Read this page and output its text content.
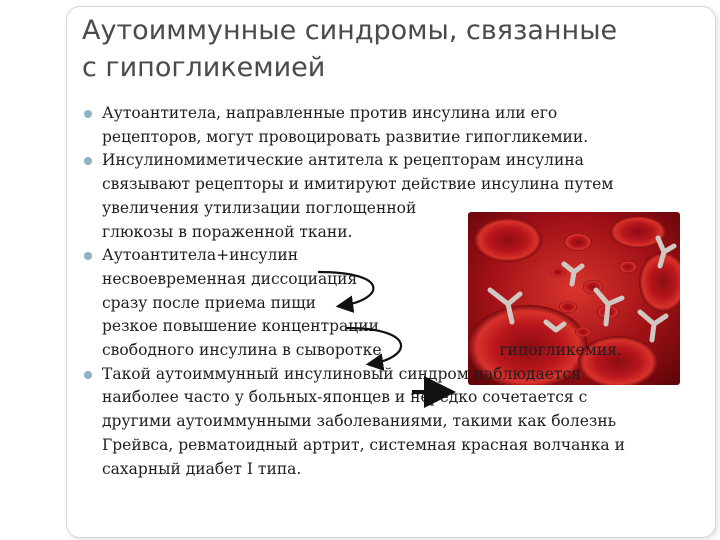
Аутоиммунные синдромы, связанные
с гипогликемией
Аутоантитела, направленные против инсулина или его
рецепторов, могут провоцировать развитие гипогликемии.
Инсулиномиметические антитела к рецепторам инсулина
связывают рецепторы и имитируют действие инсулина путем
увеличения утилизации поглощенной
глюкозы в пораженной ткани.
Аутоантитела+инсулин
несвоевременная диссоциация
сразу после приема пищи
резкое повышение концентрации
свободного инсулина в сыворотке	гипогликемия.
Такой аутоиммунный инсулиновый синдром наблюдается
наиболее часто у больных-японцев и нередко сочетается с
другими аутоиммунными заболеваниями, такими как болезнь
Грейвса, ревматоидный артрит, системная красная волчанка и
сахарный диабет I типа.
